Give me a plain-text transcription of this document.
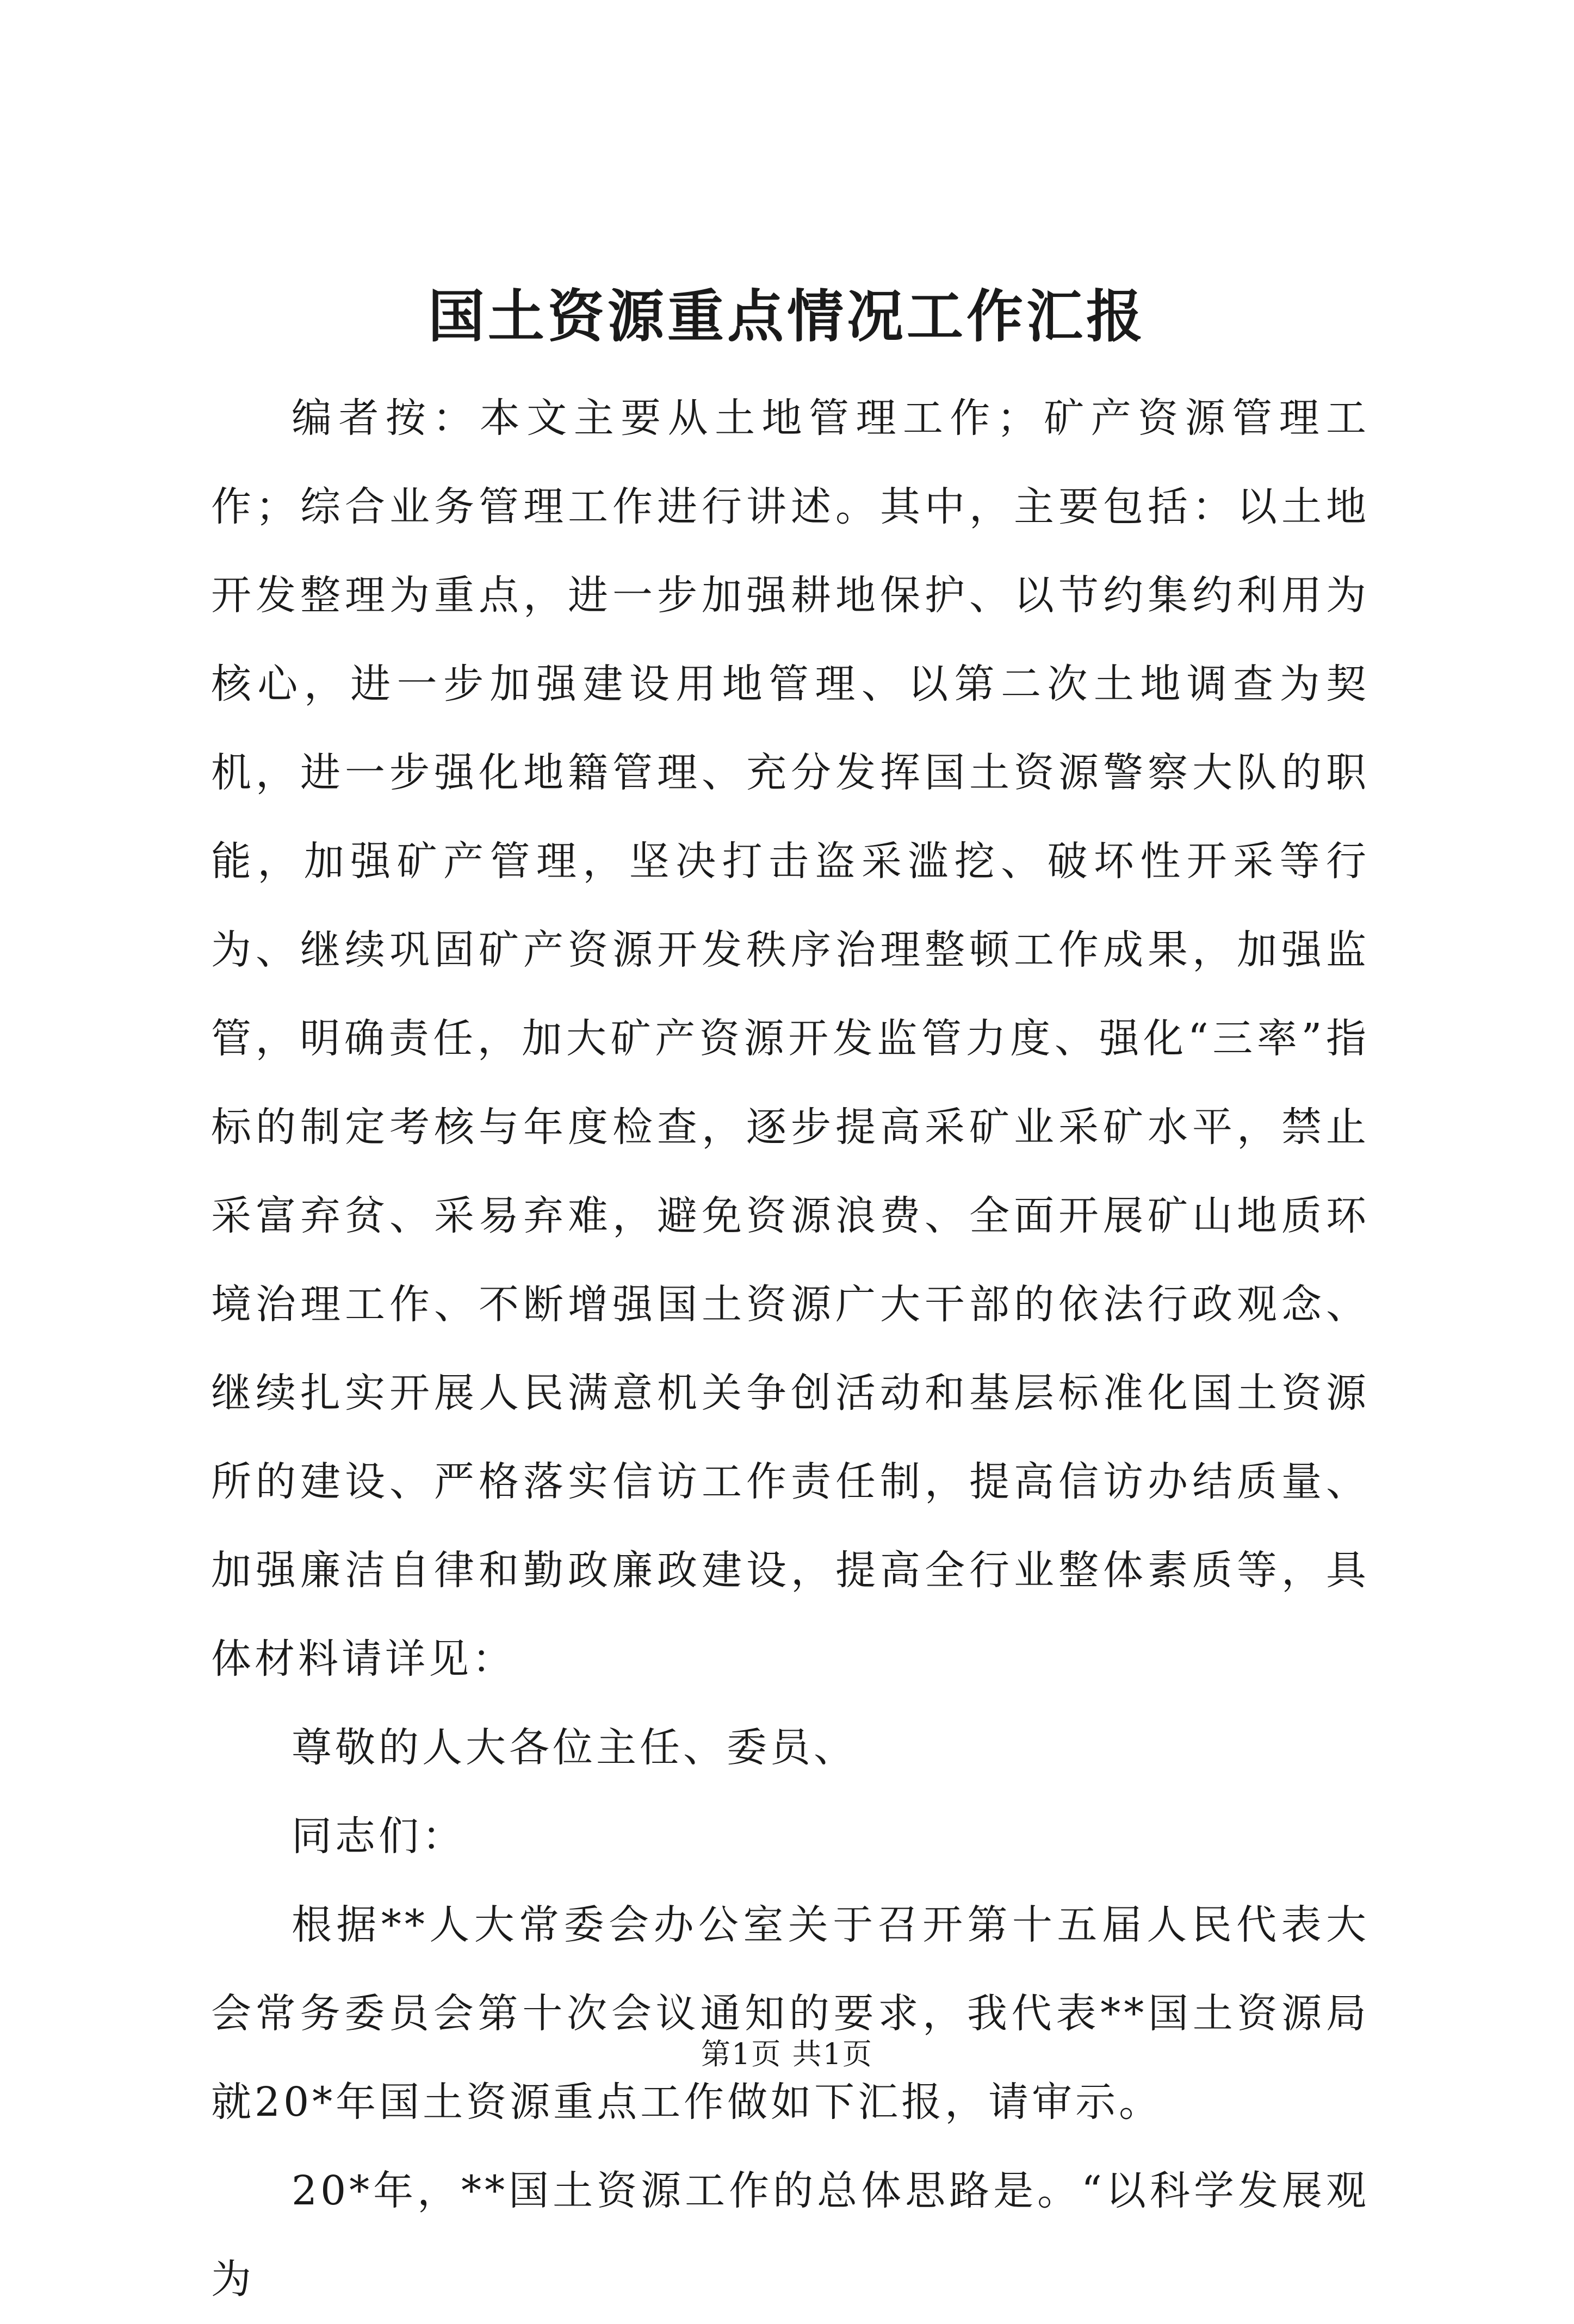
国土资源重点情况工作汇报

编者按：本文主要从土地管理工作；矿产资源管理工作；综合业务管理工作进行讲述。其中，主要包括：以土地开发整理为重点，进一步加强耕地保护、以节约集约利用为核心，进一步加强建设用地管理、以第二次土地调查为契机，进一步强化地籍管理、充分发挥国土资源警察大队的职能，加强矿产管理，坚决打击盗采滥挖、破坏性开采等行为、继续巩固矿产资源开发秩序治理整顿工作成果，加强监管，明确责任，加大矿产资源开发监管力度、强化“三率”指标的制定考核与年度检查，逐步提高采矿业采矿水平，禁止采富弃贫、采易弃难，避免资源浪费、全面开展矿山地质环境治理工作、不断增强国土资源广大干部的依法行政观念、继续扎实开展人民满意机关争创活动和基层标准化国土资源所的建设、严格落实信访工作责任制，提高信访办结质量、加强廉洁自律和勤政廉政建设，提高全行业整体素质等，具体材料请详见：

尊敬的人大各位主任、委员、

同志们：

根据**人大常委会办公室关于召开第十五届人民代表大会常务委员会第十次会议通知的要求，我代表**国土资源局就20*年国土资源重点工作做如下汇报，请审示。

20*年，**国土资源工作的总体思路是。“以科学发展观为

第1页 共1页
